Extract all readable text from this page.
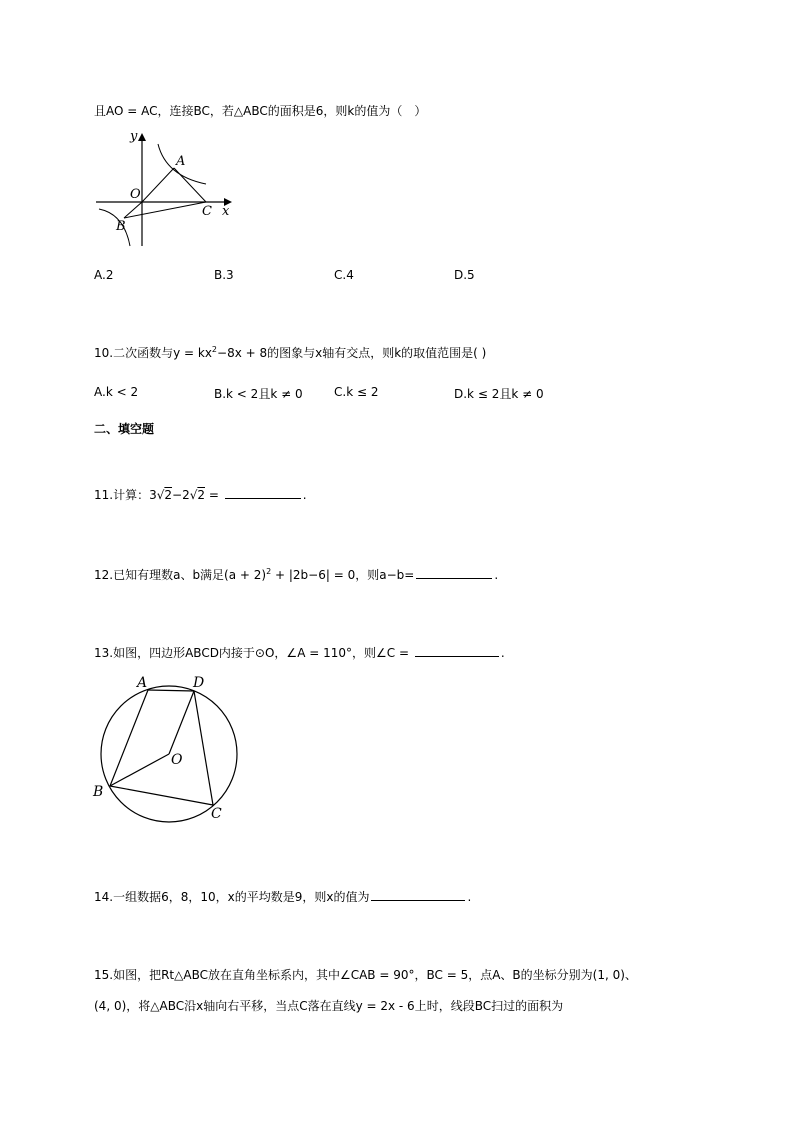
且AO = AC，连接BC，若△ABC的面积是6，则k的值为（　）
y
A
O
C x
B
A.2	B.3	C.4	D.5
10.二次函数与$y = kx^2-8x + 8$的图象与x轴有交点，则k的取值范围是( )
A.k < 2	B.k < 2且k ≠ 0	C.k ≤ 2	D.k ≤ 2且k ≠ 0
二、填空题
11.计算：3√2−2√2 =	.
12.已知有理数a、b满足$(a + 2)^2 + |2b-6| = 0$，则a−b=	.
13.如图，四边形ABCD内接于⊙O，∠A = 110°，则∠C =	.
A	D
O
B
C
14.一组数据6，8，10，x的平均数是9，则x的值为	.
15.如图，把Rt△ABC放在直角坐标系内，其中∠CAB = 90°，BC = 5，点A、B的坐标分别为(1, 0)、
(4, 0)，将△ABC沿x轴向右平移，当点C落在直线y = 2x - 6上时，线段BC扫过的面积为
